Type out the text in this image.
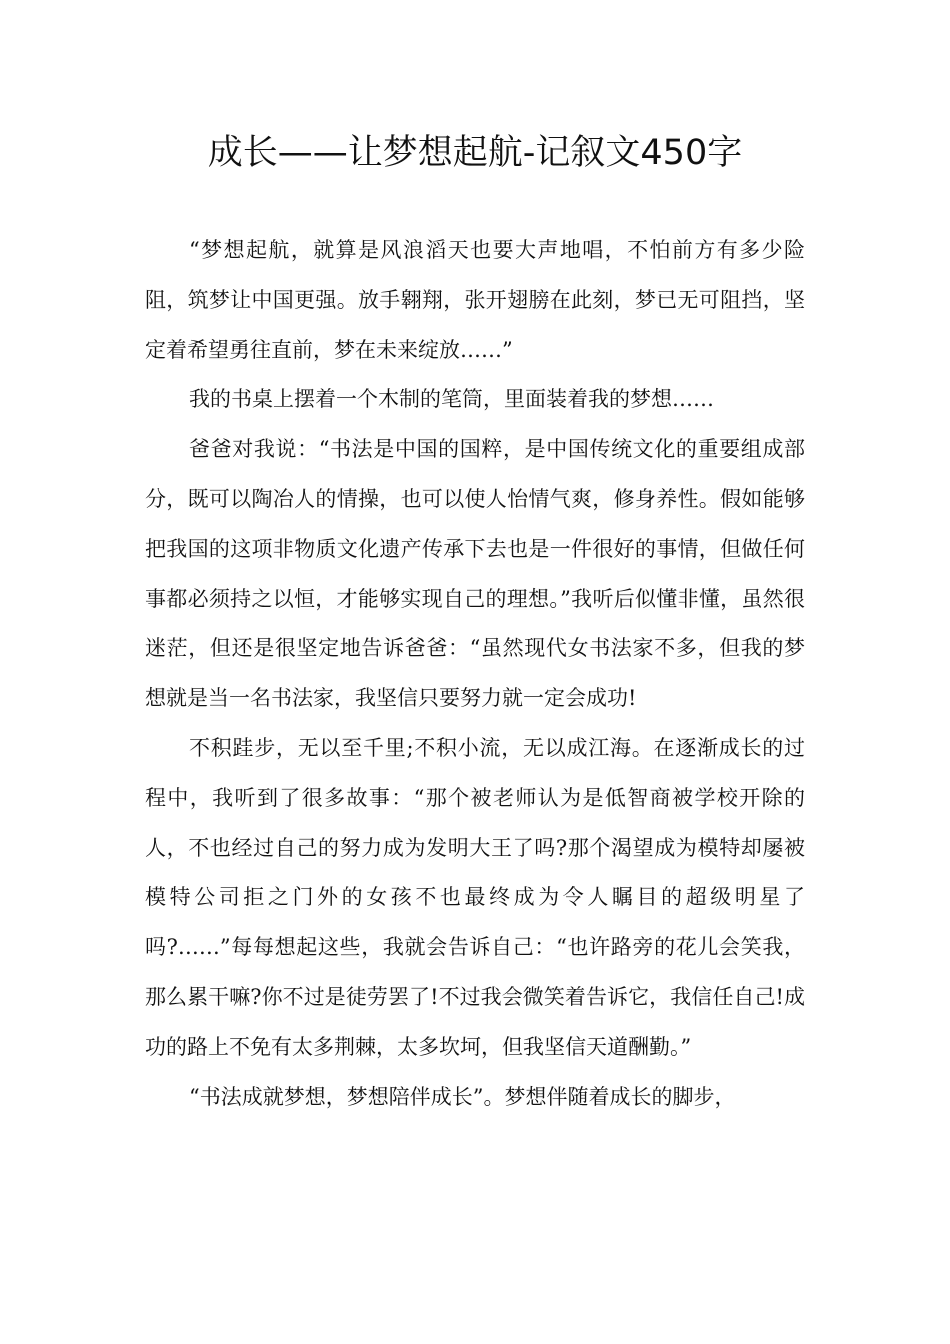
成长——让梦想起航-记叙文450字

“梦想起航，就算是风浪滔天也要大声地唱，不怕前方有多少险阻，筑梦让中国更强。放手翱翔，张开翅膀在此刻，梦已无可阻挡，坚定着希望勇往直前，梦在未来绽放……”

我的书桌上摆着一个木制的笔筒，里面装着我的梦想……

爸爸对我说：“书法是中国的国粹，是中国传统文化的重要组成部分，既可以陶冶人的情操，也可以使人怡情气爽，修身养性。假如能够把我国的这项非物质文化遗产传承下去也是一件很好的事情，但做任何事都必须持之以恒，才能够实现自己的理想。”我听后似懂非懂，虽然很迷茫，但还是很坚定地告诉爸爸：“虽然现代女书法家不多，但我的梦想就是当一名书法家，我坚信只要努力就一定会成功!

不积跬步，无以至千里;不积小流，无以成江海。在逐渐成长的过程中，我听到了很多故事：“那个被老师认为是低智商被学校开除的人，不也经过自己的努力成为发明大王了吗?那个渴望成为模特却屡被模特公司拒之门外的女孩不也最终成为令人瞩目的超级明星了吗?……”每每想起这些，我就会告诉自己：“也许路旁的花儿会笑我，那么累干嘛?你不过是徒劳罢了!不过我会微笑着告诉它，我信任自己!成功的路上不免有太多荆棘，太多坎坷，但我坚信天道酬勤。”

“书法成就梦想，梦想陪伴成长”。梦想伴随着成长的脚步，
